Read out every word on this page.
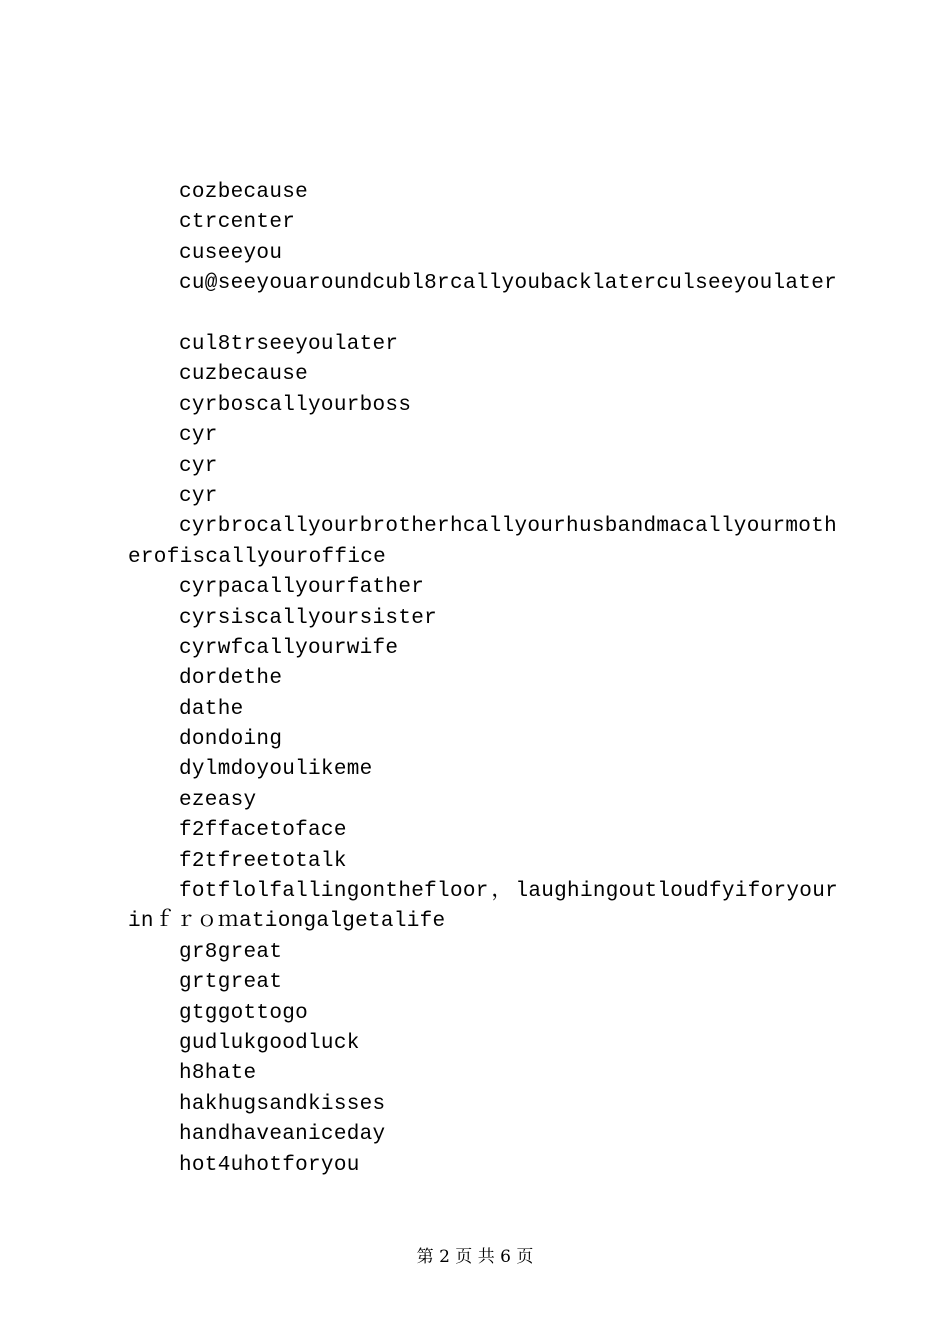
cozbecause
ctrcenter
cuseeyou
cu@seeyouaroundcubl8rcallyoubacklaterculseeyoulater
cul8trseeyoulater
cuzbecause
cyrboscallyourboss
cyr
cyr
cyr
cyrbrocallyourbrotherhcallyourhusbandmacallyourmotherofiscallyouroffice
cyrpacallyourfather
cyrsiscallyoursister
cyrwfcallyourwife
dordethe
dathe
dondoing
dylmdoyoulikeme
ezeasy
f2ffacetoface
f2tfreetotalk
fotflolfallingonthefloor，laughingoutloudfyiforyourinｆｒｏｍationgalgetalife
gr8great
grtgreat
gtggottogo
gudlukgoodluck
h8hate
hakhugsandkisses
handhaveaniceday
hot4uhotforyou
第 2 页 共 6 页
